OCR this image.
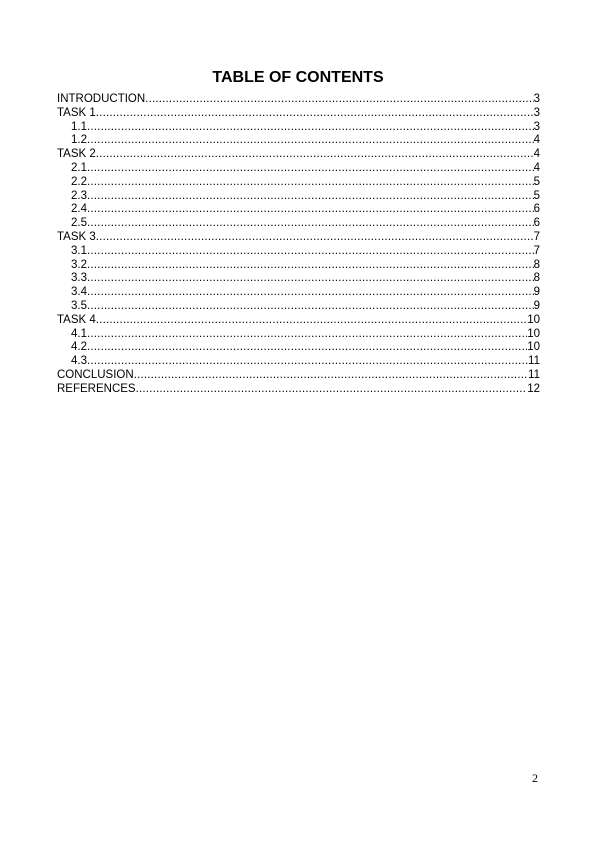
TABLE OF CONTENTS
INTRODUCTION .....	3
TASK 1 .....	3
1.1 .....	3
1.2 .....	4
TASK 2 .....	4
2.1 .....	4
2.2 .....	5
2.3 .....	5
2.4 .....	6
2.5 .....	6
TASK 3 .....	7
3.1 .....	7
3.2 .....	8
3.3 .....	8
3.4 .....	9
3.5 .....	9
TASK 4 .....	10
4.1 .....	10
4.2 .....	10
4.3 .....	11
CONCLUSION .....	11
REFERENCES .....	12
2
